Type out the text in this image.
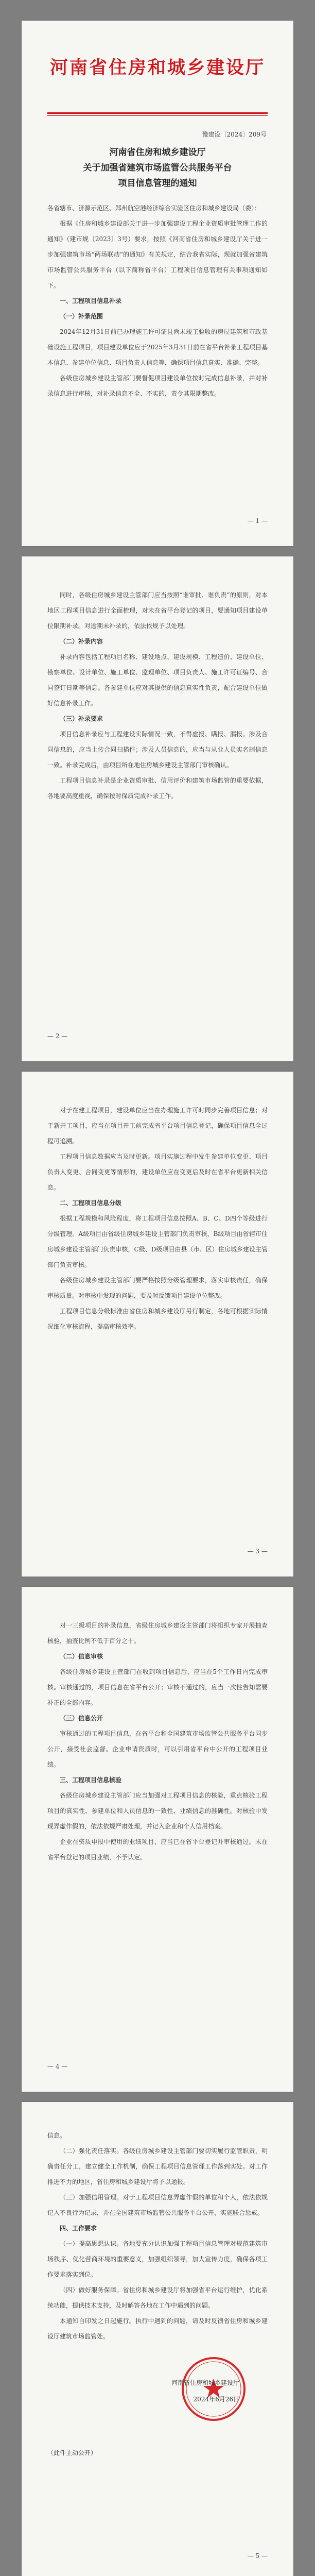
河南省住房和城乡建设厅
豫建设〔2024〕209号
河南省住房和城乡建设厅
关于加强省建筑市场监管公共服务平台
项目信息管理的通知

各省辖市、济源示范区、郑州航空港经济综合实验区住房和城乡建设局（委）：

根据《住房和城乡建设部关于进一步加强建设工程企业资质审批管理工作的通知》（建市规〔2023〕3号）要求，按照《河南省住房和城乡建设厅关于进一步加强建筑市场“两场联动”的通知》有关规定，结合我省实际，现就加强省建筑市场监管公共服务平台（以下简称省平台）工程项目信息管理有关事项通知如下。

一、工程项目信息补录

（一）补录范围

2024年12月31日前已办理施工许可证且尚未竣工验收的房屋建筑和市政基础设施工程项目，项目建设单位应于2025年3月31日前在省平台补录工程项目基本信息、参建单位信息、项目负责人信息等，确保项目信息真实、准确、完整。

各级住房城乡建设主管部门要督促项目建设单位按时完成信息补录，并对补录信息进行审核，对补录信息不全、不实的，责令其限期整改。

— 1 —

同时，各级住房城乡建设主管部门应当按照“谁审批、谁负责”的原则，对本地区工程项目信息进行全面梳理，对未在省平台登记的项目，要通知项目建设单位限期补录。对逾期未补录的，依法依规予以处理。

（二）补录内容

补录内容包括工程项目名称、建设地点、建设规模、工程造价、建设单位、勘察单位、设计单位、施工单位、监理单位、项目负责人、施工许可证编号、合同签订日期等信息。各参建单位应对其提供的信息真实性负责，配合建设单位做好信息补录工作。

（三）补录要求

项目信息补录应与工程建设实际情况一致，不得虚报、瞒报、漏报。涉及合同信息的，应当上传合同扫描件；涉及人员信息的，应当与从业人员实名制信息一致。补录完成后，由项目所在地住房城乡建设主管部门审核确认。

工程项目信息补录是企业资质审批、信用评价和建筑市场监管的重要依据，各地要高度重视，确保按时保质完成补录工作。

— 2 —

对于在建工程项目，建设单位应当在办理施工许可时同步完善项目信息；对于新开工项目，应当在项目开工前完成省平台项目信息登记，确保项目信息全过程可追溯。

工程项目信息数据应当及时更新。项目实施过程中发生参建单位变更、项目负责人变更、合同变更等情形的，建设单位应在变更后及时在省平台更新相关信息。

二、工程项目信息分级

根据工程规模和风险程度，将工程项目信息按照A、B、C、D四个等级进行分级管理。A级项目由省级住房城乡建设主管部门负责审核，B级项目由省辖市住房城乡建设主管部门负责审核，C级、D级项目由县（市、区）住房城乡建设主管部门负责审核。

各级住房城乡建设主管部门要严格按照分级管理要求，落实审核责任，确保审核质量。对审核中发现的问题，要及时反馈项目建设单位整改。

工程项目信息分级标准由省住房和城乡建设厅另行制定，各地可根据实际情况细化审核流程，提高审核效率。

— 3 —

对一三级项目的补录信息，省级住房城乡建设主管部门将组织专家开展抽查核验，抽查比例不低于百分之十。

（二）信息审核

各级住房城乡建设主管部门在收到项目信息后，应当在5个工作日内完成审核。审核通过的，项目信息在省平台公开；审核不通过的，应当一次性告知需要补正的全部内容。

（三）信息公开

审核通过的工程项目信息，在省平台和全国建筑市场监管公共服务平台同步公开，接受社会监督。企业申请资质时，可以引用省平台中公开的工程项目业绩。

三、工程项目信息核验

各级住房城乡建设主管部门应当加强对工程项目信息的核验，重点核验工程项目的真实性、参建单位和人员信息的一致性、业绩信息的准确性。对核验中发现弄虚作假的，依法依规严肃处理，并记入企业和个人信用档案。

企业在资质申报中使用的业绩项目，应当已在省平台登记并审核通过。未在省平台登记的项目业绩，不予认定。

— 4 —

信息。

（二）强化责任落实。各级住房城乡建设主管部门要切实履行监管职责，明确责任分工，建立健全工作机制，确保工程项目信息管理工作落到实处。对工作推进不力的地区，省住房和城乡建设厅将予以通报。

（三）加强信用管理。对于工程项目信息弄虚作假的单位和个人，依法依规记入不良行为记录，并在全国建筑市场监管公共服务平台公开，实施联合惩戒。

四、工作要求

（一）提高思想认识。各地要充分认识加强工程项目信息管理对规范建筑市场秩序、优化营商环境的重要意义，加强组织领导，加大宣传力度，确保各项工作要求落实到位。

（四）做好服务保障。省住房和城乡建设厅将加强省平台运行维护，优化系统功能，提供技术支持，及时解答各地在工作中遇到的问题。

本通知自印发之日起施行。执行中遇到的问题，请及时反馈省住房和城乡建设厅建筑市场监管处。

河南省住房和城乡建设厅
2024年6月26日
（此件主动公开）
— 5 —
